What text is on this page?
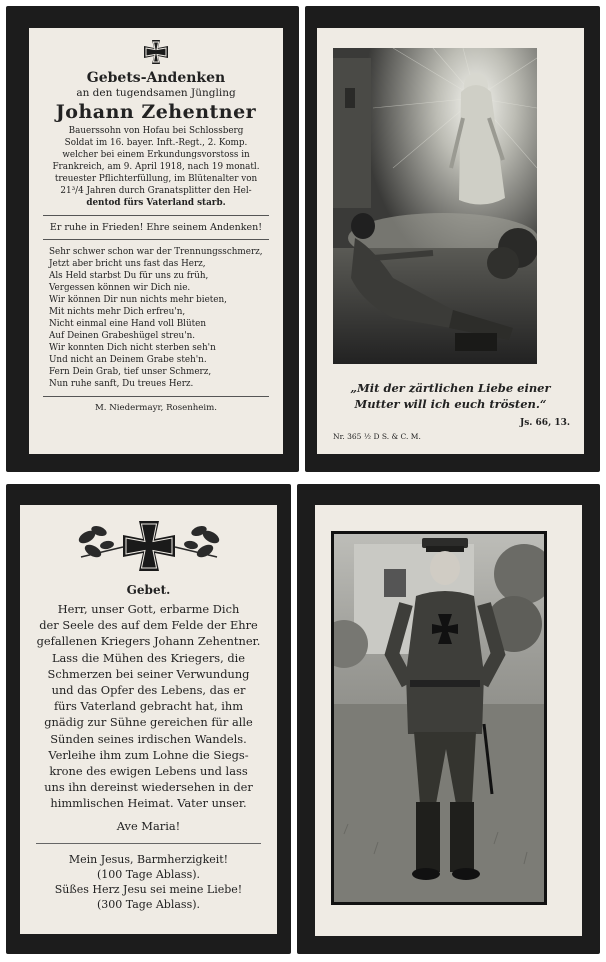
Gebets-Andenken

an den tugendsamen Jüngling

Johann Zehentner

Bauerssohn von Hofau bei Schlossberg

Soldat im 16. bayer. Inft.-Regt., 2. Komp.

welcher bei einem Erkundungsvorstoss in

Frankreich, am 9. April 1918, nach 19 monatl.

treuester Pflichterfüllung, im Blütenalter von

21³/4 Jahren durch Granatsplitter den Hel-

dentod fürs Vaterland starb.

Er ruhe in Frieden! Ehre seinem Andenken!

Sehr schwer schon war der Trennungsschmerz,

Jetzt aber bricht uns fast das Herz,

Als Held starbst Du für uns zu früh,

Vergessen können wir Dich nie.

Wir können Dir nun nichts mehr bieten,

Mit nichts mehr Dich erfreu'n,

Nicht einmal eine Hand voll Blüten

Auf Deinen Grabeshügel streu'n.

Wir konnten Dich nicht sterben seh'n

Und nicht an Deinem Grabe steh'n.

Fern Dein Grab, tief unser Schmerz,

Nun ruhe sanft, Du treues Herz.

M. Niedermayr, Rosenheim.

„Mit der zärtlichen Liebe einer
Mutter will ich euch trösten.“
Js. 66, 13.
Nr. 365 ½ D S. & C. M.

Gebet.

Herr, unser Gott, erbarme Dich

der Seele des auf dem Felde der Ehre

gefallenen Kriegers Johann Zehentner.

Lass die Mühen des Kriegers, die

Schmerzen bei seiner Verwundung

und das Opfer des Lebens, das er

fürs Vaterland gebracht hat, ihm

gnädig zur Sühne gereichen für alle

Sünden seines irdischen Wandels.

Verleihe ihm zum Lohne die Siegs-

krone des ewigen Lebens und lass

uns ihn dereinst wiedersehen in der

himmlischen Heimat. Vater unser.

Ave Maria!

Mein Jesus, Barmherzigkeit!

(100 Tage Ablass).

Süßes Herz Jesu sei meine Liebe!

(300 Tage Ablass).
